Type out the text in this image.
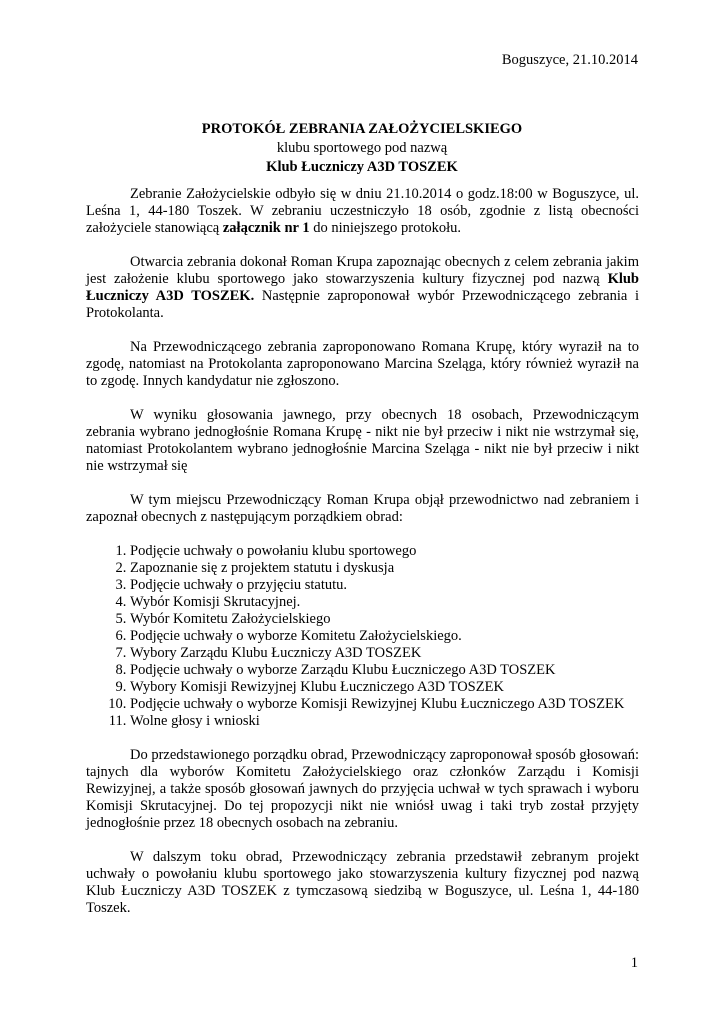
Boguszyce, 21.10.2014
PROTOKÓŁ ZEBRANIA ZAŁOŻYCIELSKIEGO
klubu sportowego pod nazwą
Klub Łuczniczy A3D TOSZEK

Zebranie Założycielskie odbyło się w dniu 21.10.2014 o godz.18:00 w Boguszyce, ul. Leśna 1, 44-180 Toszek. W zebraniu uczestniczyło 18 osób, zgodnie z listą obecności założyciele stanowiącą załącznik nr 1 do niniejszego protokołu.

Otwarcia zebrania dokonał Roman Krupa zapoznając obecnych z celem zebrania jakim jest założenie klubu sportowego jako stowarzyszenia kultury fizycznej pod nazwą Klub Łuczniczy A3D TOSZEK. Następnie zaproponował wybór Przewodniczącego zebrania i Protokolanta.

Na Przewodniczącego zebrania zaproponowano Romana Krupę, który wyraził na to zgodę, natomiast na Protokolanta zaproponowano Marcina Szeląga, który również wyraził na to zgodę. Innych kandydatur nie zgłoszono.

W wyniku głosowania jawnego, przy obecnych 18 osobach, Przewodniczącym zebrania wybrano jednogłośnie Romana Krupę - nikt nie był przeciw i nikt nie wstrzymał się, natomiast Protokolantem wybrano jednogłośnie Marcina Szeląga - nikt nie był przeciw i nikt nie wstrzymał się

W tym miejscu Przewodniczący Roman Krupa objął przewodnictwo nad zebraniem i zapoznał obecnych z następującym porządkiem obrad:

1. Podjęcie uchwały o powołaniu klubu sportowego
2. Zapoznanie się z projektem statutu i dyskusja
3. Podjęcie uchwały o przyjęciu statutu.
4. Wybór Komisji Skrutacyjnej.
5. Wybór Komitetu Założycielskiego
6. Podjęcie uchwały o wyborze Komitetu Założycielskiego.
7. Wybory Zarządu Klubu Łuczniczy A3D TOSZEK
8. Podjęcie uchwały o wyborze Zarządu Klubu Łuczniczego A3D TOSZEK
9. Wybory Komisji Rewizyjnej Klubu Łuczniczego A3D TOSZEK
10. Podjęcie uchwały o wyborze Komisji Rewizyjnej Klubu Łuczniczego A3D TOSZEK
11. Wolne głosy i wnioski

Do przedstawionego porządku obrad, Przewodniczący zaproponował sposób głosowań: tajnych dla wyborów Komitetu Założycielskiego oraz członków Zarządu i Komisji Rewizyjnej, a także sposób głosowań jawnych do przyjęcia uchwał w tych sprawach i wyboru Komisji Skrutacyjnej. Do tej propozycji nikt nie wniósł uwag i taki tryb został przyjęty jednogłośnie przez 18 obecnych osobach na zebraniu.

W dalszym toku obrad, Przewodniczący zebrania przedstawił zebranym projekt uchwały o powołaniu klubu sportowego jako stowarzyszenia kultury fizycznej pod nazwą Klub Łuczniczy A3D TOSZEK z tymczasową siedzibą w Boguszyce, ul. Leśna 1, 44-180 Toszek.

1
